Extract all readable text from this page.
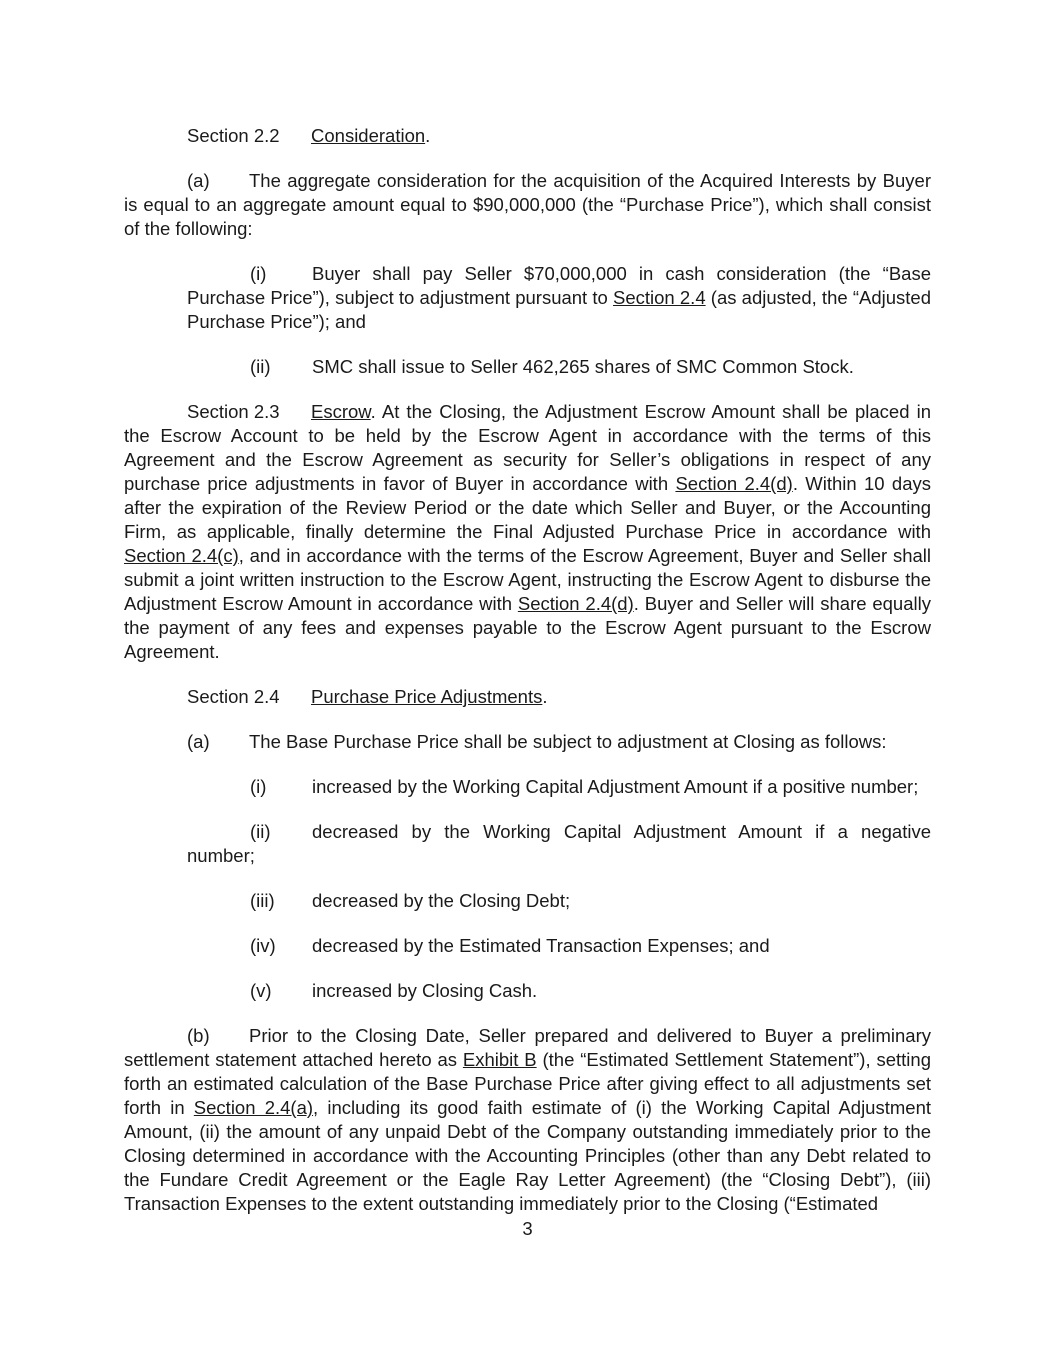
Section 2.2 Consideration.
(a) The aggregate consideration for the acquisition of the Acquired Interests by Buyer is equal to an aggregate amount equal to $90,000,000 (the “Purchase Price”), which shall consist of the following:
(i) Buyer shall pay Seller $70,000,000 in cash consideration (the “Base Purchase Price”), subject to adjustment pursuant to Section 2.4 (as adjusted, the “Adjusted Purchase Price”); and
(ii) SMC shall issue to Seller 462,265 shares of SMC Common Stock.
Section 2.3 Escrow. At the Closing, the Adjustment Escrow Amount shall be placed in the Escrow Account to be held by the Escrow Agent in accordance with the terms of this Agreement and the Escrow Agreement as security for Seller’s obligations in respect of any purchase price adjustments in favor of Buyer in accordance with Section 2.4(d). Within 10 days after the expiration of the Review Period or the date which Seller and Buyer, or the Accounting Firm, as applicable, finally determine the Final Adjusted Purchase Price in accordance with Section 2.4(c), and in accordance with the terms of the Escrow Agreement, Buyer and Seller shall submit a joint written instruction to the Escrow Agent, instructing the Escrow Agent to disburse the Adjustment Escrow Amount in accordance with Section 2.4(d). Buyer and Seller will share equally the payment of any fees and expenses payable to the Escrow Agent pursuant to the Escrow Agreement.
Section 2.4 Purchase Price Adjustments.
(a) The Base Purchase Price shall be subject to adjustment at Closing as follows:
(i) increased by the Working Capital Adjustment Amount if a positive number;
(ii) decreased by the Working Capital Adjustment Amount if a negative number;
(iii) decreased by the Closing Debt;
(iv) decreased by the Estimated Transaction Expenses; and
(v) increased by Closing Cash.
(b) Prior to the Closing Date, Seller prepared and delivered to Buyer a preliminary settlement statement attached hereto as Exhibit B (the “Estimated Settlement Statement”), setting forth an estimated calculation of the Base Purchase Price after giving effect to all adjustments set forth in Section 2.4(a), including its good faith estimate of (i) the Working Capital Adjustment Amount, (ii) the amount of any unpaid Debt of the Company outstanding immediately prior to the Closing determined in accordance with the Accounting Principles (other than any Debt related to the Fundare Credit Agreement or the Eagle Ray Letter Agreement) (the “Closing Debt”), (iii) Transaction Expenses to the extent outstanding immediately prior to the Closing (“Estimated
3
